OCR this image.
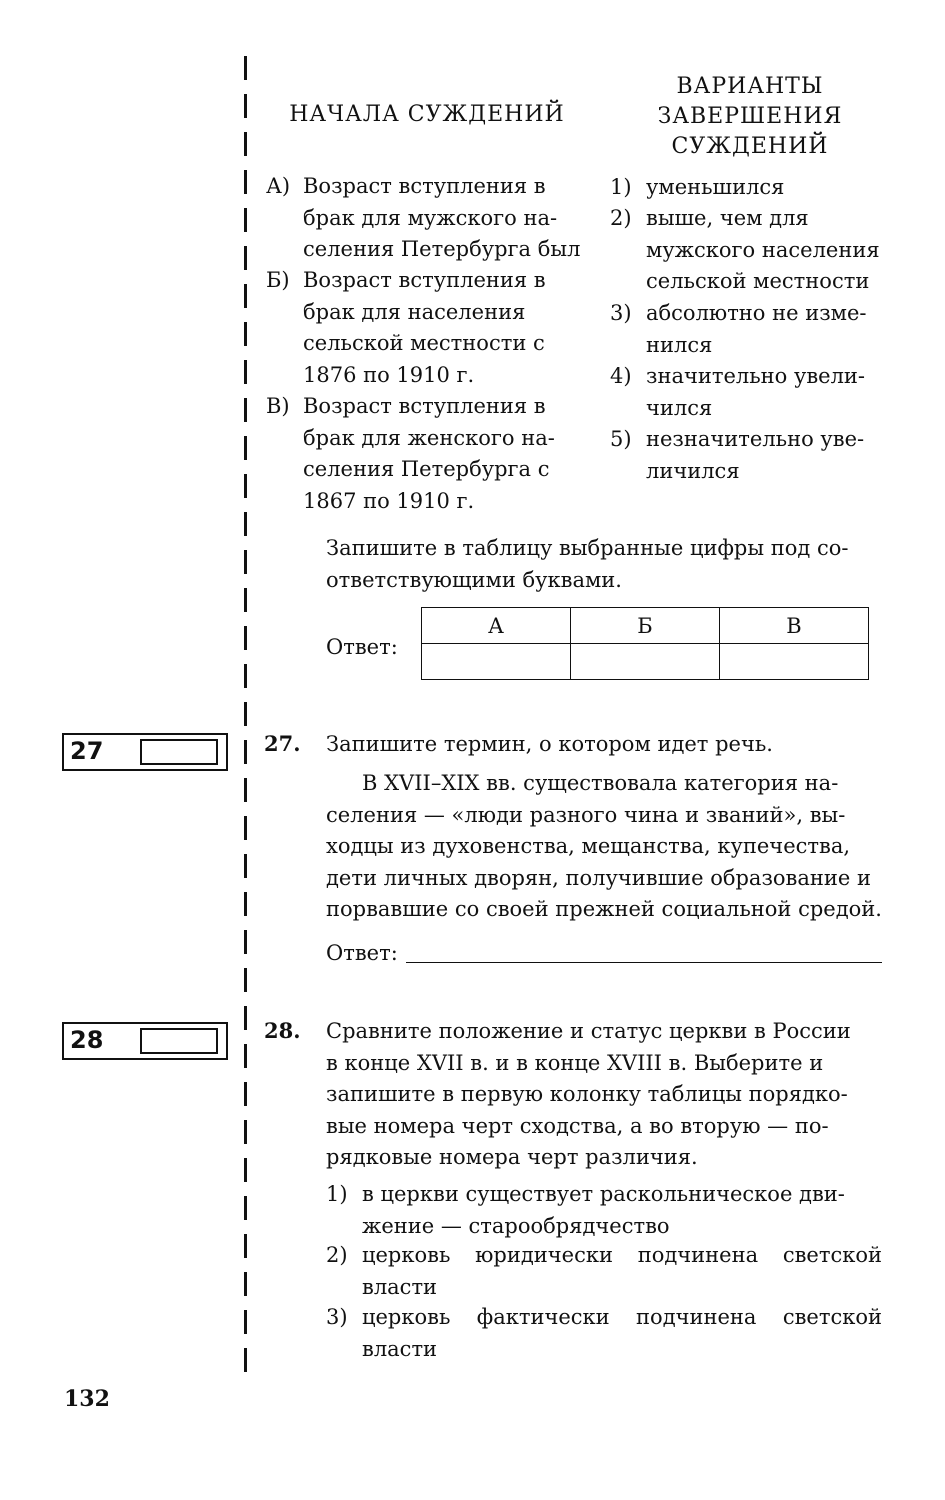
НАЧАЛА СУЖДЕНИЙ
ВАРИАНТЫ
ЗАВЕРШЕНИЯ
СУЖДЕНИЙ
А) Возраст вступления в
брак для мужского на-
селения Петербурга был
Б) Возраст вступления в
брак для населения
сельской местности с
1876 по 1910 г.
В) Возраст вступления в
брак для женского на-
селения Петербурга с
1867 по 1910 г.
1) уменьшился
2) выше, чем для
мужского населения
сельской местности
3) абсолютно не изме-
нился
4) значительно увели-
чился
5) незначительно уве-
личился
Запишите в таблицу выбранные цифры под со-
ответствующими буквами.
Ответ:
А	Б	В

27	27. Запишите термин, о котором идет речь.
В XVII–XIX вв. существовала категория на-
селения — «люди разного чина и званий», вы-
ходцы из духовенства, мещанства, купечества,
дети личных дворян, получившие образование и
порвавшие со своей прежней социальной средой.
Ответ:
28	28. Сравните положение и статус церкви в России
в конце XVII в. и в конце XVIII в. Выберите и
запишите в первую колонку таблицы порядко-
вые номера черт сходства, а во вторую — по-
рядковые номера черт различия.
1) в церкви существует раскольническое дви-
жение — старообрядчество
2) церковь юридически подчинена светской
власти
3) церковь фактически подчинена светской
власти
132
